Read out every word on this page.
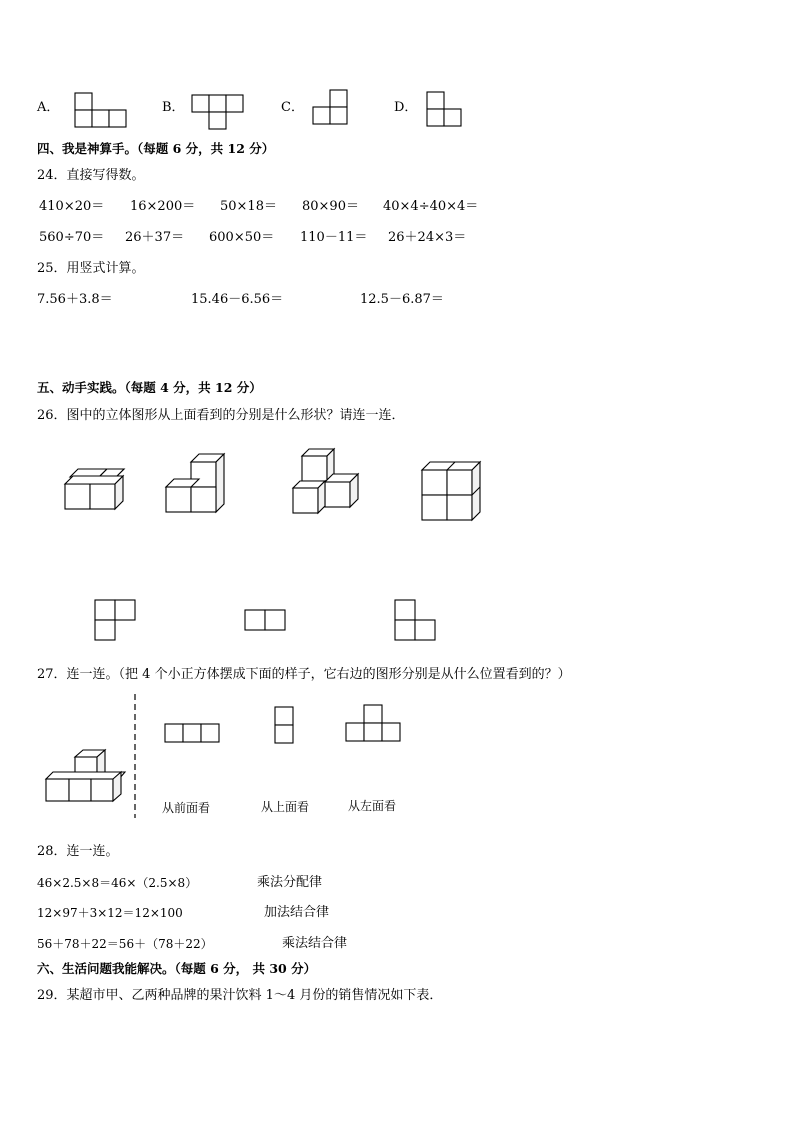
A．	B．	C．	D．
四、我是神算手。（每题 6 分，共 12 分）
24．直接写得数。
410×20＝ 16×200＝ 50×18＝ 80×90＝ 40×4÷40×4＝
560÷70＝ 26＋37＝ 600×50＝ 110－11＝ 26＋24×3＝
25．用竖式计算。
7.56＋3.8＝	15.46－6.56＝	12.5－6.87＝
五、动手实践。（每题 4 分，共 12 分）
26．图中的立体图形从上面看到的分别是什么形状？请连一连．
27．连一连。（把 4 个小正方体摆成下面的样子，它右边的图形分别是从什么位置看到的？）
从前面看	从上面看	从左面看
28．连一连。
46×2.5×8＝46×（2.5×8）	乘法分配律
12×97＋3×12＝12×100	加法结合律
56＋78＋22＝56＋（78＋22）	乘法结合律
六、生活问题我能解决。（每题 6 分， 共 30 分）
29．某超市甲、乙两种品牌的果汁饮料 1～4 月份的销售情况如下表．
